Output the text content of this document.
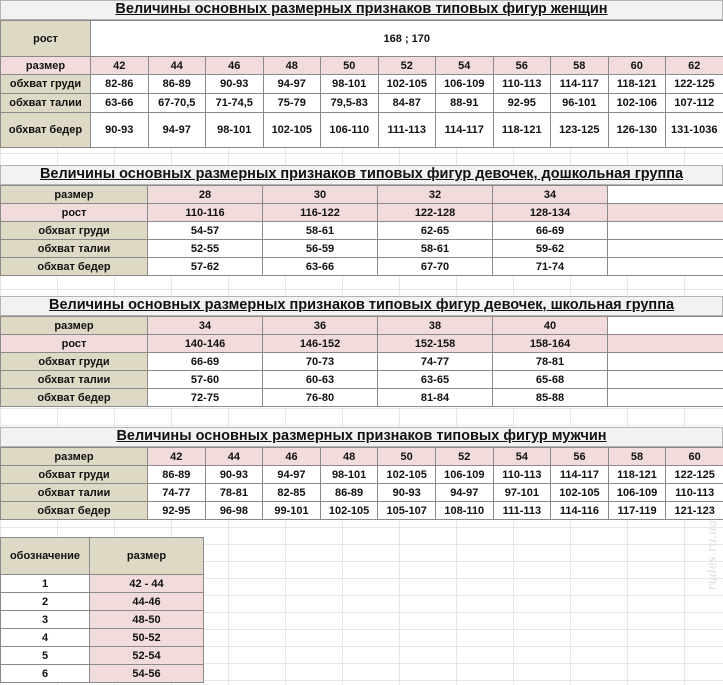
Величины основных размерных признаков типовых фигур женщин
рост	168 ; 170										
размер	42	44	46	48	50	52	54	56	58	60	62
обхват груди	82-86	86-89	90-93	94-97	98-101	102-105	106-109	110-113	114-117	118-121	122-125
обхват талии	63-66	67-70,5	71-74,5	75-79	79,5-83	84-87	88-91	92-95	96-101	102-106	107-112
обхват бедер	90-93	94-97	98-101	102-105	106-110	111-113	114-117	118-121	123-125	126-130	131-1036
Величины основных размерных признаков типовых фигур девочек, дошкольная группа
размер	28	30	32	34	
рост	110-116	116-122	122-128	128-134	
обхват груди	54-57	58-61	62-65	66-69	
обхват талии	52-55	56-59	58-61	59-62	
обхват бедер	57-62	63-66	67-70	71-74	
Величины основных размерных признаков типовых фигур девочек, школьная группа
размер	34	36	38	40	
рост	140-146	146-152	152-158	158-164	
обхват груди	66-69	70-73	74-77	78-81	
обхват талии	57-60	60-63	63-65	65-68	
обхват бедер	72-75	76-80	81-84	85-88	
Величины основных размерных признаков типовых фигур мужчин
размер	42	44	46	48	50	52	54	56	58	60
обхват груди	86-89	90-93	94-97	98-101	102-105	106-109	110-113	114-117	118-121	122-125
обхват талии	74-77	78-81	82-85	86-89	90-93	94-97	97-101	102-105	106-109	110-113
обхват бедер	92-95	96-98	99-101	102-105	105-107	108-110	111-113	114-116	117-119	121-123
обозначение	размер
1	42 - 44
2	44-46
3	48-50
4	50-52
5	52-54
6	54-56
rudes.ru.ua
